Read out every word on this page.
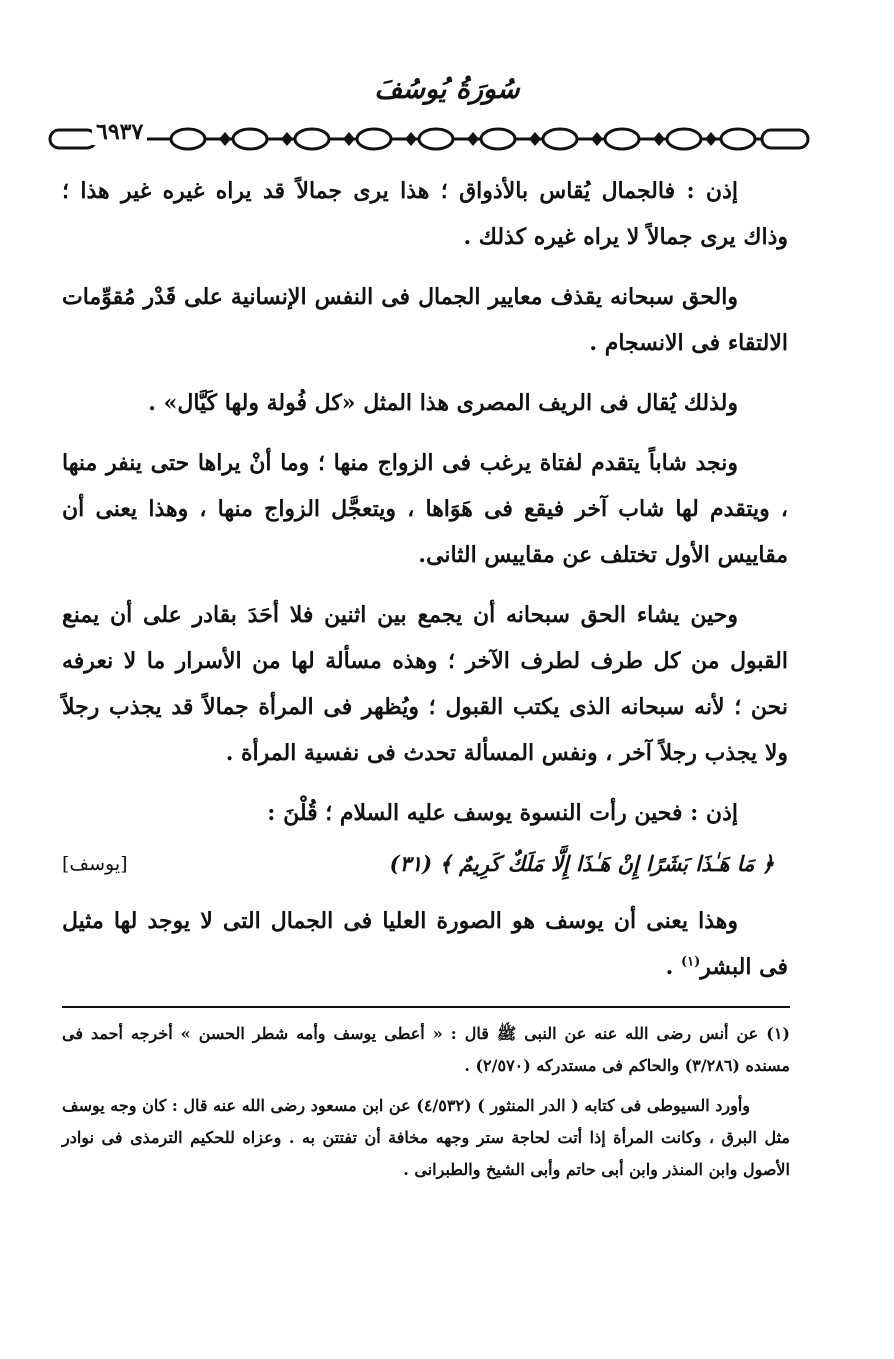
سُورَةُ يُوسُفَ
٦٩٣٧

إذن : فالجمال يُقاس بالأذواق ؛ هذا يرى جمالاً قد يراه غيره غير هذا ؛ وذاك يرى جمالاً لا يراه غيره كذلك .

والحق سبحانه يقذف معايير الجمال فى النفس الإنسانية على قَدْر مُقوِّمات الالتقاء فى الانسجام .

ولذلك يُقال فى الريف المصرى هذا المثل «كل فُولة ولها كَيَّال» .

ونجد شاباً يتقدم لفتاة يرغب فى الزواج منها ؛ وما أنْ يراها حتى ينفر منها ، ويتقدم لها شاب آخر فيقع فى هَوَاها ، ويتعجَّل الزواج منها ، وهذا يعنى أن مقاييس الأول تختلف عن مقاييس الثانى.

وحين يشاء الحق سبحانه أن يجمع بين اثنين فلا أحَدَ بقادر على أن يمنع القبول من كل طرف لطرف الآخر ؛ وهذه مسألة لها من الأسرار ما لا نعرفه نحن ؛ لأنه سبحانه الذى يكتب القبول ؛ ويُظهر فى المرأة جمالاً قد يجذب رجلاً ولا يجذب رجلاً آخر ، ونفس المسألة تحدث فى نفسية المرأة .

إذن : فحين رأت النسوة يوسف عليه السلام ؛ قُلْنَ :

﴿ مَا هَـٰذَا بَشَرًا إِنْ هَـٰذَا إِلَّا مَلَكٌ كَرِيمٌ ﴾ (٣١)
[يوسف]

وهذا يعنى أن يوسف هو الصورة العليا فى الجمال التى لا يوجد لها مثيل فى البشر$^{(١)}$ .

(١) عن أنس رضى الله عنه عن النبى ﷺ قال : « أعطى يوسف وأمه شطر الحسن » أخرجه أحمد فى مسنده (٣/٢٨٦) والحاكم فى مستدركه (٢/٥٧٠) .

وأورد السيوطى فى كتابه ( الدر المنثور ) (٤/٥٣٢) عن ابن مسعود رضى الله عنه قال : كان وجه يوسف مثل البرق ، وكانت المرأة إذا أتت لحاجة ستر وجهه مخافة أن تفتتن به . وعزاه للحكيم الترمذى فى نوادر الأصول وابن المنذر وابن أبى حاتم وأبى الشيخ والطبرانى .
